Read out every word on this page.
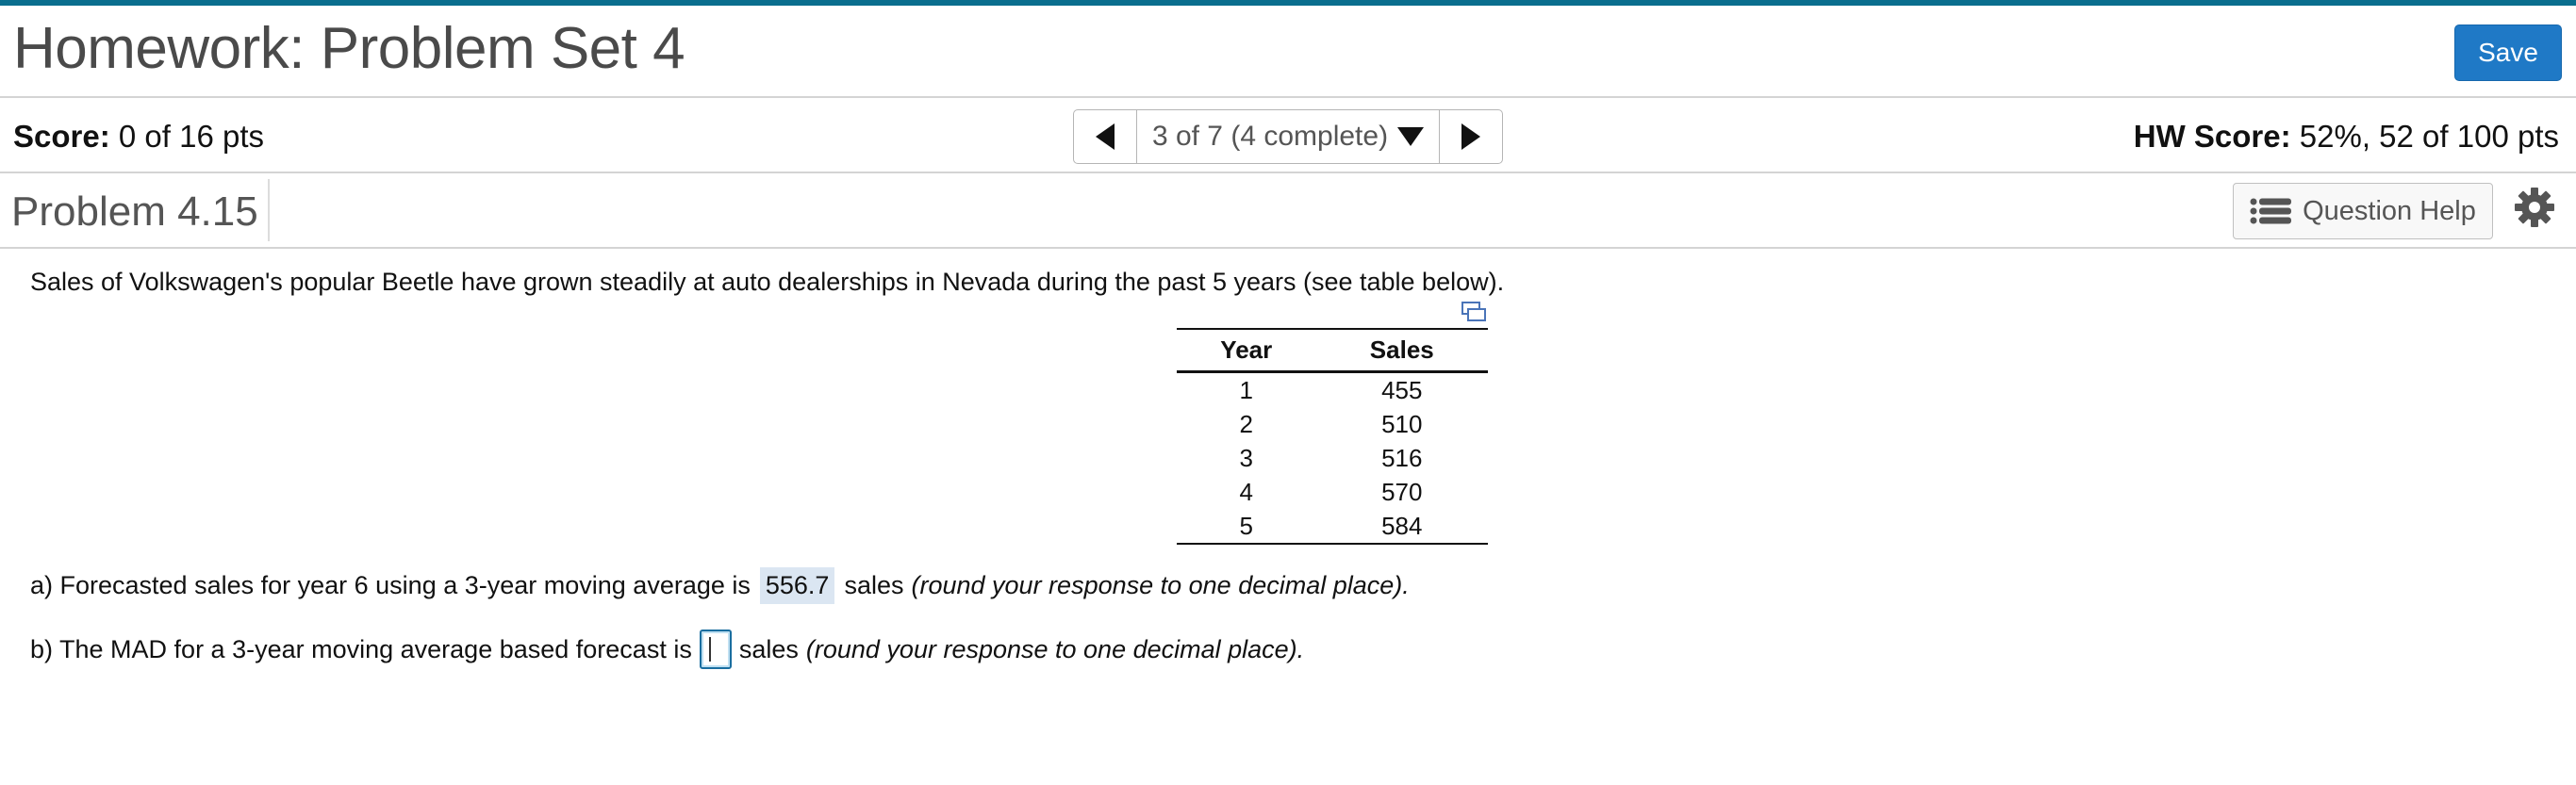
Homework: Problem Set 4	Save
Score: 0 of 16 pts	3 of 7 (4 complete)	HW Score: 52%, 52 of 100 pts
Problem 4.15	Question Help
Sales of Volkswagen's popular Beetle have grown steadily at auto dealerships in Nevada during the past 5 years (see table below).
Year	Sales
1	455
2	510
3	516
4	570
5	584
a) Forecasted sales for year 6 using a 3-year moving average is 556.7 sales (round your response to one decimal place).
b) The MAD for a 3-year moving average based forecast is sales (round your response to one decimal place).
